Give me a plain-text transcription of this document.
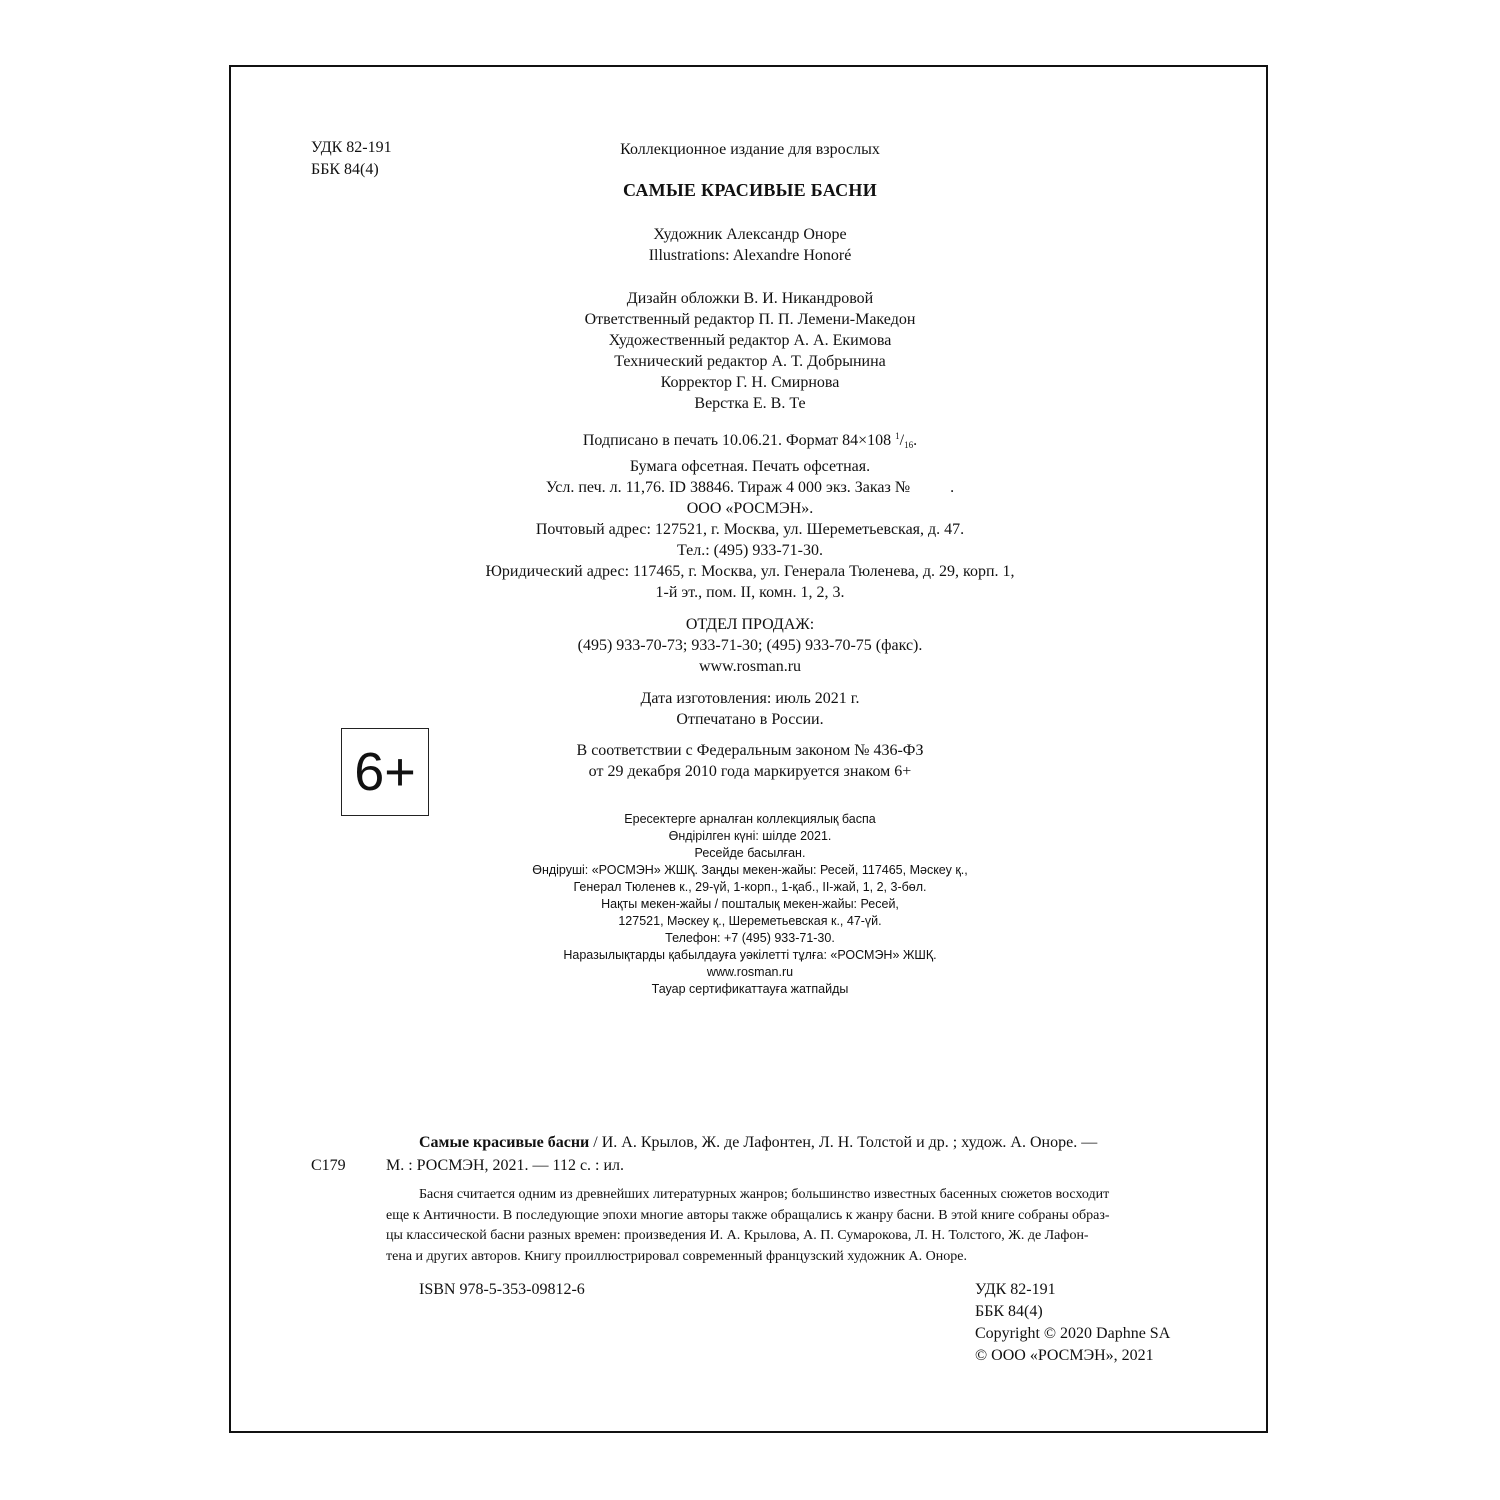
УДК 82-191
ББК 84(4)
Коллекционное издание для взрослых
САМЫЕ КРАСИВЫЕ БАСНИ
Художник Александр Оноре
Illustrations: Alexandre Honoré
Дизайн обложки В. И. Никандровой
Ответственный редактор П. П. Лемени-Македон
Художественный редактор А. А. Екимова
Технический редактор А. Т. Добрынина
Корректор Г. Н. Смирнова
Верстка Е. В. Те
Подписано в печать 10.06.21. Формат 84×108 $^1/_{16}$.
Бумага офсетная. Печать офсетная.
Усл. печ. л. 11,76. ID 38846. Тираж 4 000 экз. Заказ №          .
ООО «РОСМЭН».
Почтовый адрес: 127521, г. Москва, ул. Шереметьевская, д. 47.
Тел.: (495) 933-71-30.
Юридический адрес: 117465, г. Москва, ул. Генерала Тюленева, д. 29, корп. 1,
1-й эт., пом. II, комн. 1, 2, 3.
ОТДЕЛ ПРОДАЖ:
(495) 933-70-73; 933-71-30; (495) 933-70-75 (факс).
www.rosman.ru
Дата изготовления: июль 2021 г.
Отпечатано в России.
В соответствии с Федеральным законом № 436-ФЗ
от 29 декабря 2010 года маркируется знаком 6+
6+
Ересектерге арналған коллекциялық баспа
Өндірілген күні: шілде 2021.
Ресейде басылған.
Өндіруші: «РОСМЭН» ЖШҚ. Заңды мекен-жайы: Ресей, 117465, Мәскеу қ.,
Генерал Тюленев к., 29-үй, 1-корп., 1-қаб., II-жай, 1, 2, 3-бөл.
Нақты мекен-жайы / пошталық мекен-жайы: Ресей,
127521, Мәскеу қ., Шереметьевская к., 47-үй.
Телефон: +7 (495) 933-71-30.
Наразылықтарды қабылдауға уәкілетті тұлға: «РОСМЭН» ЖШҚ.
www.rosman.ru
Тауар сертификаттауға жатпайды
С179
Самые красивые басни / И. А. Крылов, Ж. де Лафонтен, Л. Н. Толстой и др. ; худож. А. Оноре. —
М. : РОСМЭН, 2021. — 112 с. : ил.
Басня считается одним из древнейших литературных жанров; большинство известных басенных сюжетов восходит
еще к Античности. В последующие эпохи многие авторы также обращались к жанру басни. В этой книге собраны образ-
цы классической басни разных времен: произведения И. А. Крылова, А. П. Сумарокова, Л. Н. Толстого, Ж. де Лафон-
тена и других авторов. Книгу проиллюстрировал современный французский художник А. Оноре.
ISBN 978-5-353-09812-6	УДК 82-191
ББК 84(4)
Copyright © 2020 Daphne SA
© ООО «РОСМЭН», 2021
